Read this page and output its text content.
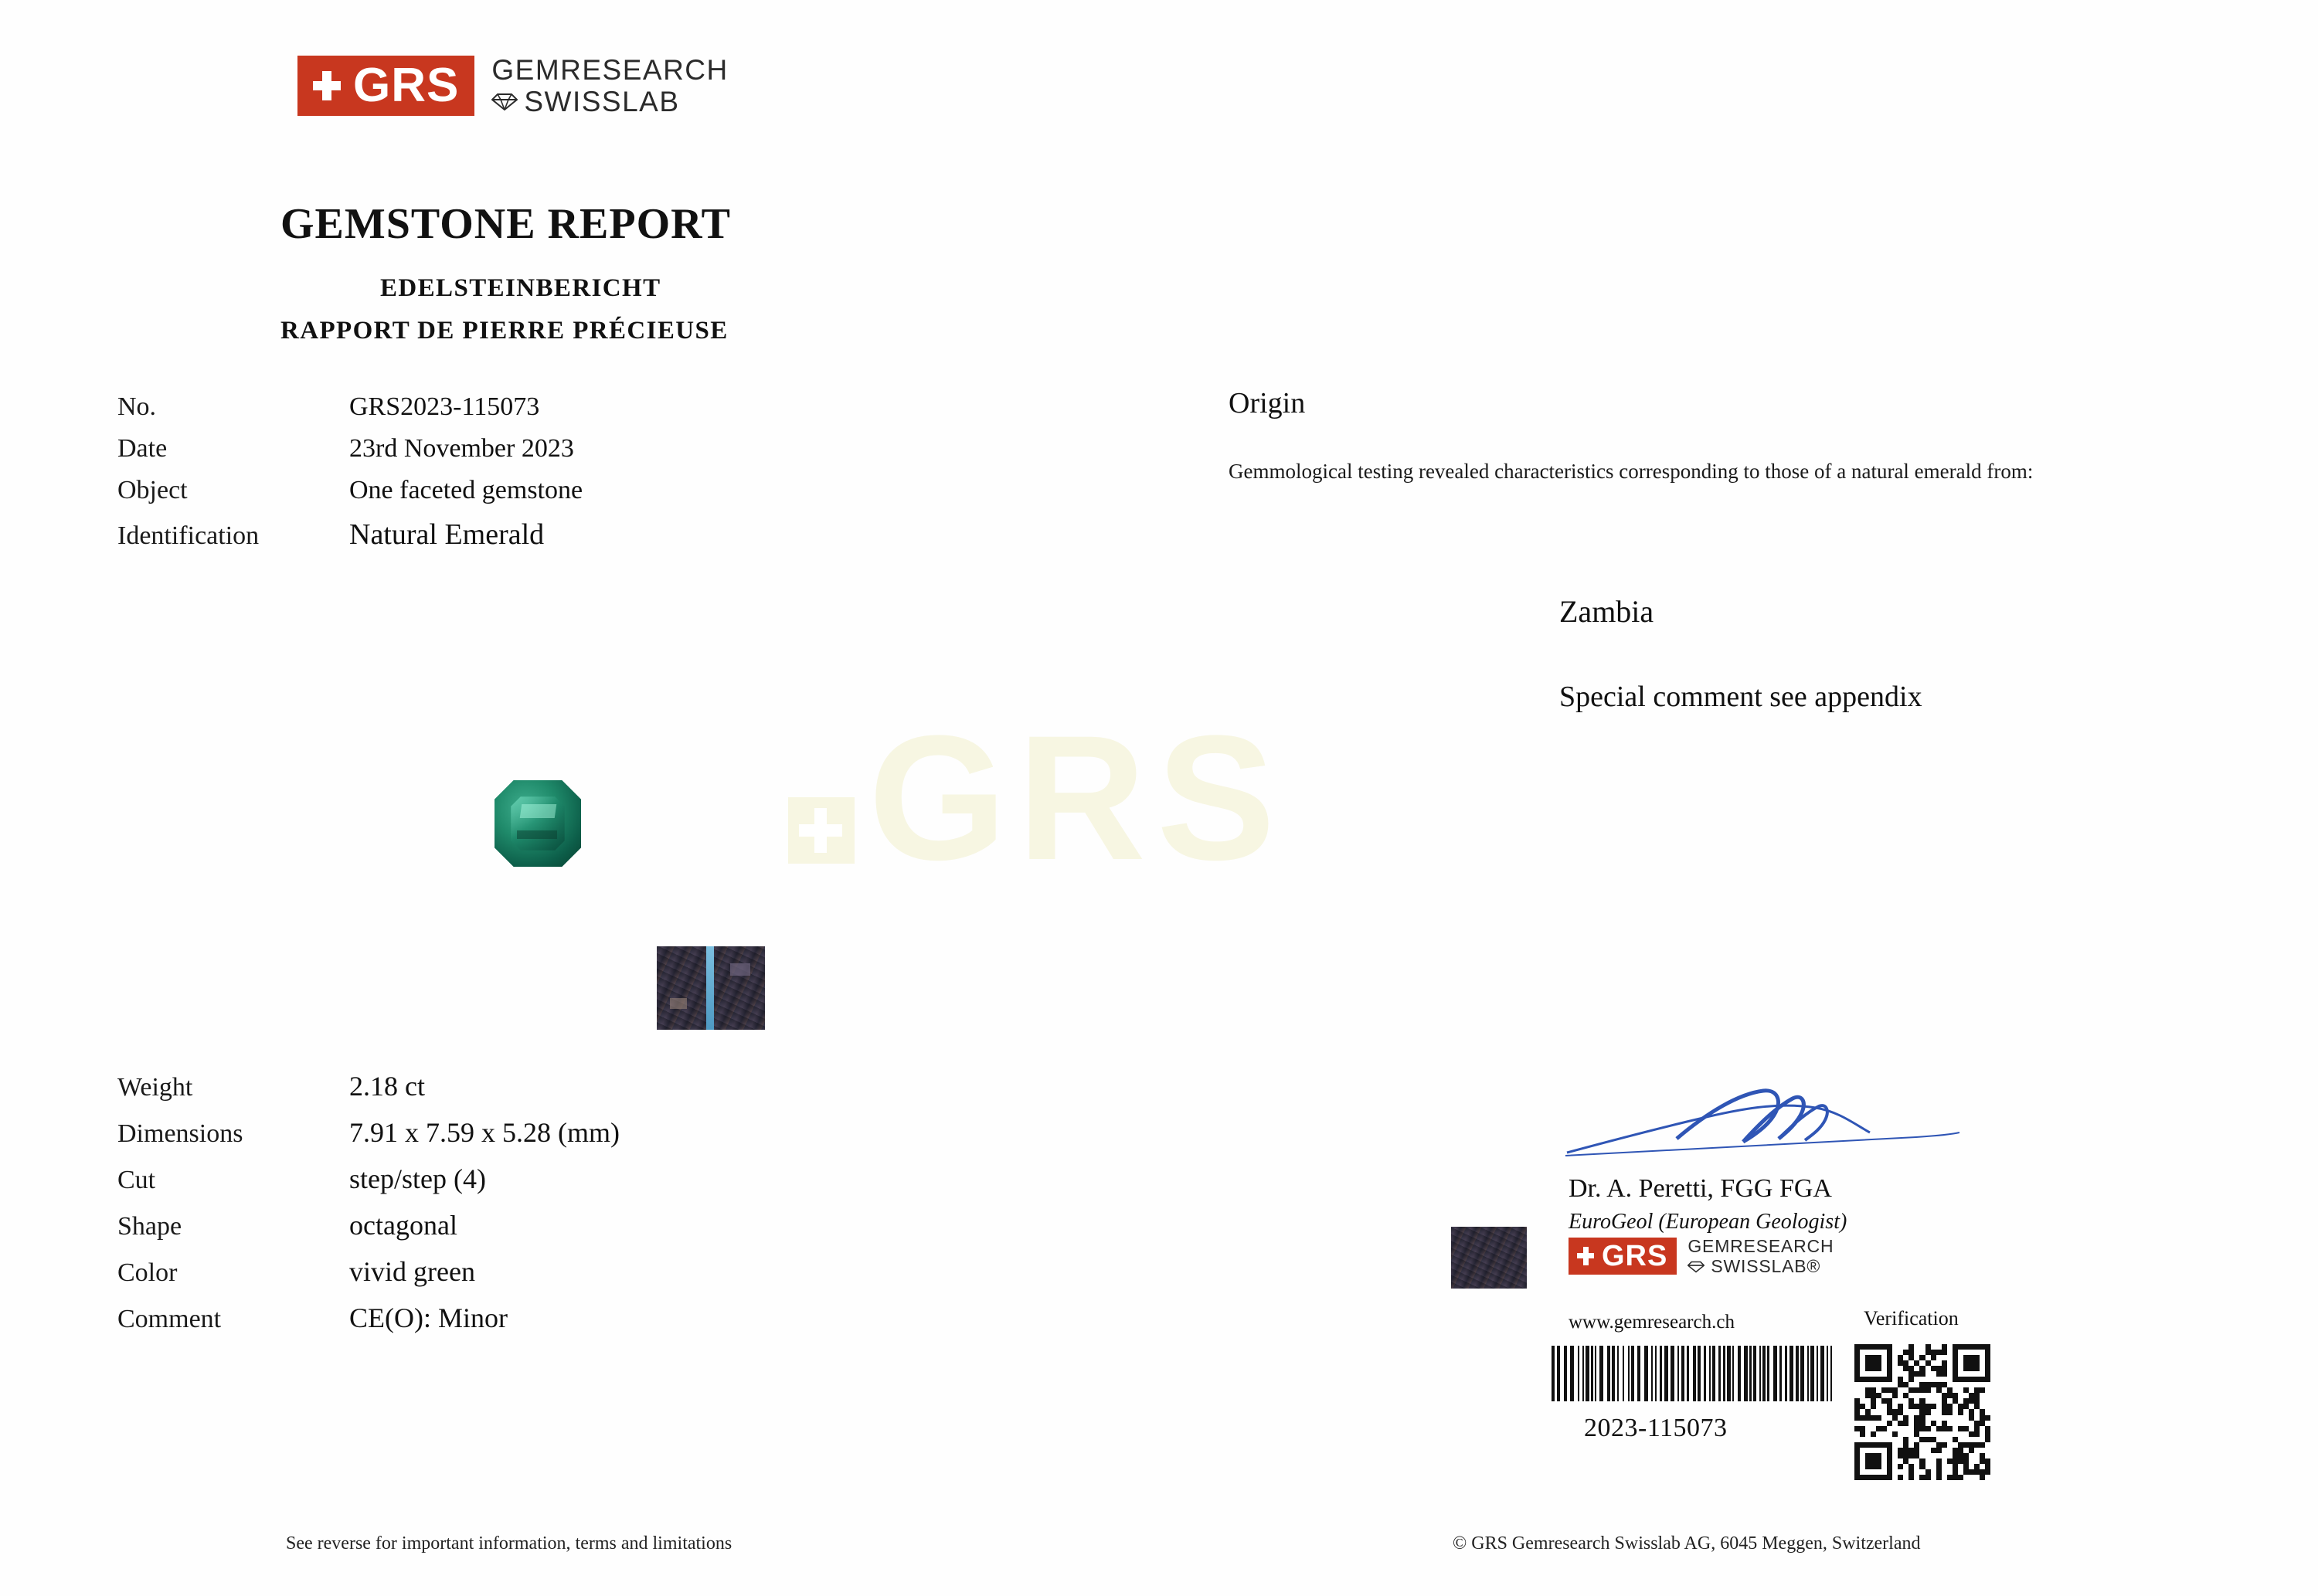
GRS
GRS GEMRESEARCH
SWISSLAB
GEMSTONE REPORT
EDELSTEINBERICHT
RAPPORT DE PIERRE PRÉCIEUSE
No.	GRS2023-115073
Date	23rd November 2023
Object	One faceted gemstone
Identification	Natural Emerald
Origin
Gemmological testing revealed characteristics corresponding to those of a natural emerald from:
Zambia
Special comment see appendix
Weight	2.18 ct
Dimensions	7.91 x 7.59 x 5.28 (mm)
Cut	step/step (4)
Shape	octagonal
Color	vivid green
Comment	CE(O): Minor
Dr. A. Peretti, FGG FGA
EuroGeol (European Geologist)
GRS GEMRESEARCH
SWISSLAB®
www.gemresearch.ch	Verification
2023-115073
See reverse for important information, terms and limitations	© GRS Gemresearch Swisslab AG, 6045 Meggen, Switzerland
